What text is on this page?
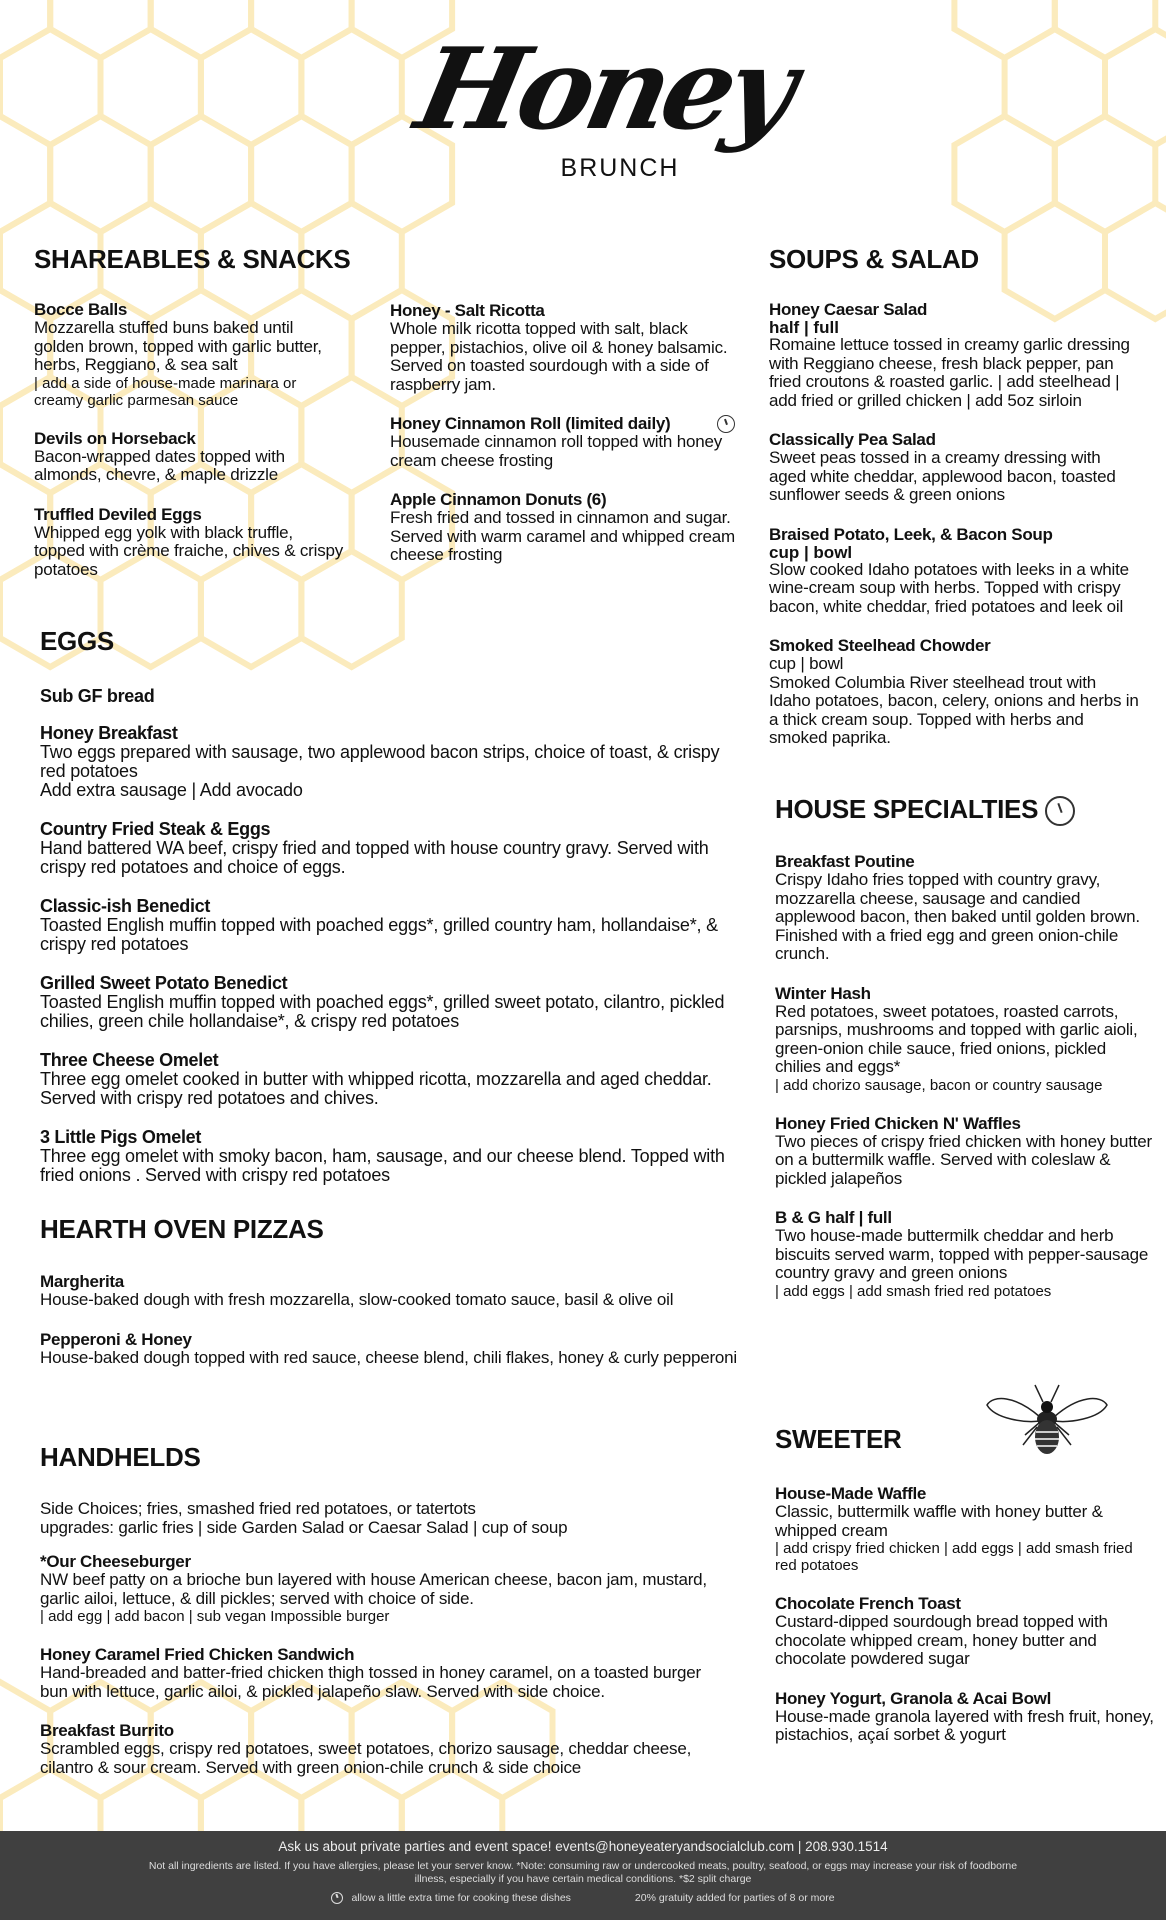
Honey
BRUNCH
SHAREABLES & SNACKS
Bocce Balls
Mozzarella stuffed buns baked until golden brown, topped with garlic butter, herbs, Reggiano, & sea salt
| add a side of house-made marinara or creamy garlic parmesan sauce
Devils on Horseback
Bacon-wrapped dates topped with almonds, chevre, & maple drizzle
Truffled Deviled Eggs
Whipped egg yolk with black truffle, topped with crème fraiche, chives & crispy potatoes
Honey - Salt Ricotta
Whole milk ricotta topped with salt, black pepper, pistachios, olive oil & honey balsamic. Served on toasted sourdough with a side of raspberry jam.
Honey Cinnamon Roll (limited daily)
Housemade cinnamon roll topped with honey cream cheese frosting
Apple Cinnamon Donuts (6)
Fresh fried and tossed in cinnamon and sugar. Served with warm caramel and whipped cream cheese frosting
SOUPS & SALAD
Honey Caesar Salad
half | full
Romaine lettuce tossed in creamy garlic dressing with Reggiano cheese, fresh black pepper, pan fried croutons & roasted garlic. | add steelhead | add fried or grilled chicken | add 5oz sirloin
Classically Pea Salad
Sweet peas tossed in a creamy dressing with aged white cheddar, applewood bacon, toasted sunflower seeds & green onions
Braised Potato, Leek, & Bacon Soup
cup | bowl
Slow cooked Idaho potatoes with leeks in a white wine-cream soup with herbs. Topped with crispy bacon, white cheddar, fried potatoes and leek oil
Smoked Steelhead Chowder
cup | bowl
Smoked Columbia River steelhead trout with Idaho potatoes, bacon, celery, onions and herbs in a thick cream soup. Topped with herbs and smoked paprika.
EGGS
Sub GF bread
Honey Breakfast
Two eggs prepared with sausage, two applewood bacon strips, choice of toast, & crispy red potatoes
Add extra sausage | Add avocado
Country Fried Steak & Eggs
Hand battered WA beef, crispy fried and topped with house country gravy. Served with crispy red potatoes and choice of eggs.
Classic-ish Benedict
Toasted English muffin topped with poached eggs*, grilled country ham, hollandaise*, & crispy red potatoes
Grilled Sweet Potato Benedict
Toasted English muffin topped with poached eggs*, grilled sweet potato, cilantro, pickled chilies, green chile hollandaise*, & crispy red potatoes
Three Cheese Omelet
Three egg omelet cooked in butter with whipped ricotta, mozzarella and aged cheddar. Served with crispy red potatoes and chives.
3 Little Pigs Omelet
Three egg omelet with smoky bacon, ham, sausage, and our cheese blend. Topped with fried onions . Served with crispy red potatoes
HOUSE SPECIALTIES
Breakfast Poutine
Crispy Idaho fries topped with country gravy, mozzarella cheese, sausage and candied applewood bacon, then baked until golden brown. Finished with a fried egg and green onion-chile crunch.
Winter Hash
Red potatoes, sweet potatoes, roasted carrots, parsnips, mushrooms and topped with garlic aioli, green-onion chile sauce, fried onions, pickled chilies and eggs*
| add chorizo sausage, bacon or country sausage
Honey Fried Chicken N' Waffles
Two pieces of crispy fried chicken with honey butter on a buttermilk waffle. Served with coleslaw & pickled jalapeños
B & G half | full
Two house-made buttermilk cheddar and herb biscuits served warm, topped with pepper-sausage country gravy and green onions
| add eggs | add smash fried red potatoes
HEARTH OVEN PIZZAS
Margherita
House-baked dough with fresh mozzarella, slow-cooked tomato sauce, basil & olive oil
Pepperoni & Honey
House-baked dough topped with red sauce, cheese blend, chili flakes, honey & curly pepperoni
HANDHELDS
Side Choices; fries, smashed fried red potatoes, or tatertots
upgrades: garlic fries | side Garden Salad or Caesar Salad | cup of soup
*Our Cheeseburger
NW beef patty on a brioche bun layered with house American cheese, bacon jam, mustard, garlic ailoi, lettuce, & dill pickles; served with choice of side.
| add egg | add bacon | sub vegan Impossible burger
Honey Caramel Fried Chicken Sandwich
Hand-breaded and batter-fried chicken thigh tossed in honey caramel, on a toasted burger bun with lettuce, garlic ailoi, & pickled jalapeño slaw. Served with side choice.
Breakfast Burrito
Scrambled eggs, crispy red potatoes, sweet potatoes, chorizo sausage, cheddar cheese, cilantro & sour cream. Served with green onion-chile crunch & side choice
SWEETER
House-Made Waffle
Classic, buttermilk waffle with honey butter & whipped cream
| add crispy fried chicken | add eggs | add smash fried red potatoes
Chocolate French Toast
Custard-dipped sourdough bread topped with chocolate whipped cream, honey butter and chocolate powdered sugar
Honey Yogurt, Granola & Acai Bowl
House-made granola layered with fresh fruit, honey, pistachios, açaí sorbet & yogurt
Ask us about private parties and event space! events@honeyeateryandsocialclub.com | 208.930.1514
Not all ingredients are listed. If you have allergies, please let your server know. *Note: consuming raw or undercooked meats, poultry, seafood, or eggs may increase your risk of foodborne illness, especially if you have certain medical conditions. *$2 split charge
allow a little extra time for cooking these dishes	20% gratuity added for parties of 8 or more
